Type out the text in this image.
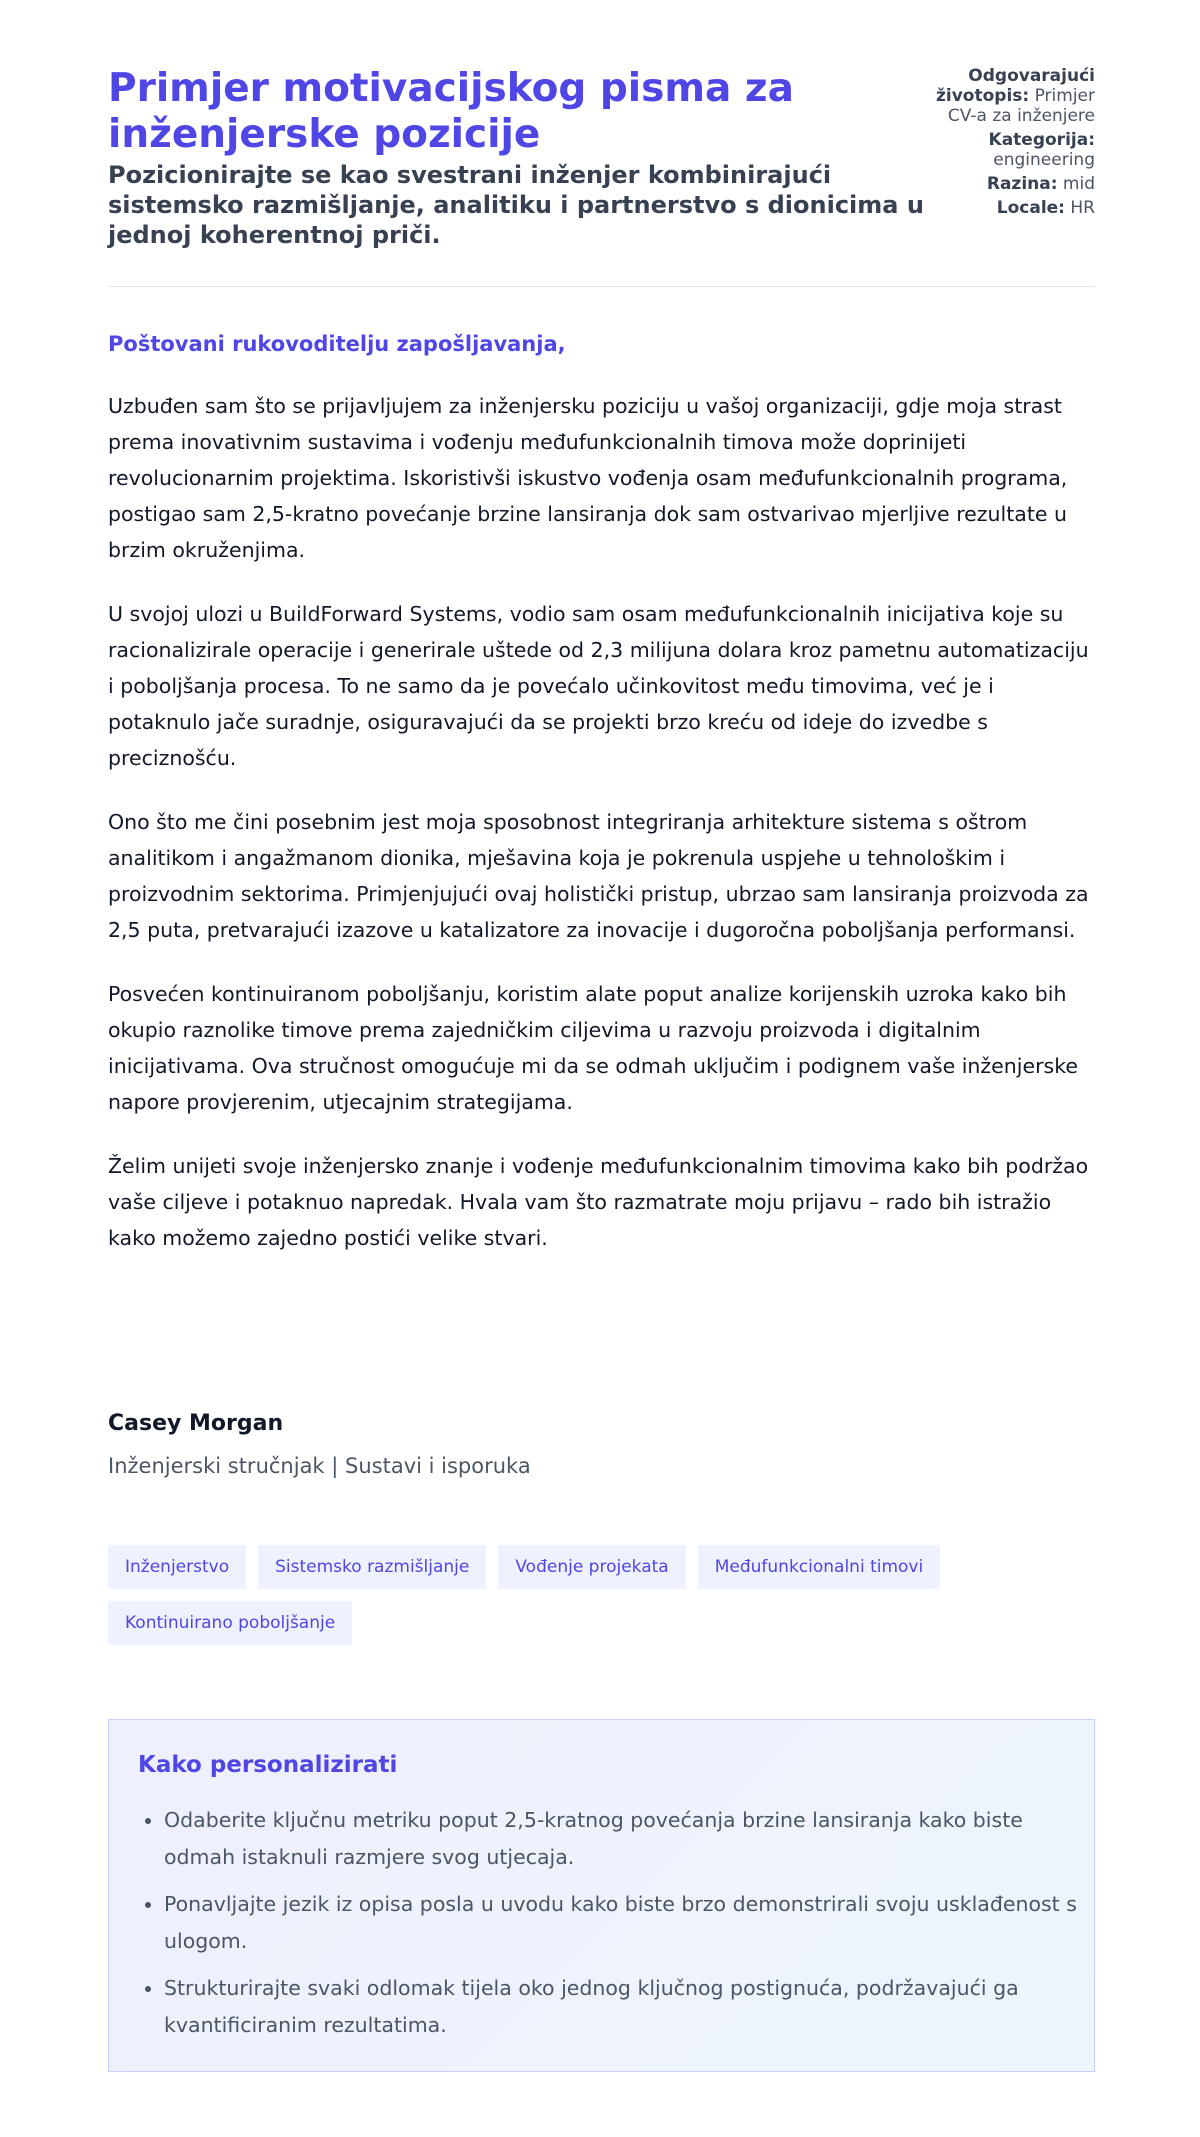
Primjer motivacijskog pisma za inženjerske pozicije
Pozicionirajte se kao svestrani inženjer kombinirajući sistemsko razmišljanje, analitiku i partnerstvo s dionicima u jednoj koherentnoj priči.
Odgovarajući životopis: Primjer CV-a za inženjere
Kategorija: engineering
Razina: mid
Locale: HR
Poštovani rukovoditelju zapošljavanja,

Uzbuđen sam što se prijavljujem za inženjersku poziciju u vašoj organizaciji, gdje moja strast prema inovativnim sustavima i vođenju međufunkcionalnih timova može doprinijeti revolucionarnim projektima. Iskoristivši iskustvo vođenja osam međufunkcionalnih programa, postigao sam 2,5-kratno povećanje brzine lansiranja dok sam ostvarivao mjerljive rezultate u brzim okruženjima.

U svojoj ulozi u BuildForward Systems, vodio sam osam međufunkcionalnih inicijativa koje su racionalizirale operacije i generirale uštede od 2,3 milijuna dolara kroz pametnu automatizaciju i poboljšanja procesa. To ne samo da je povećalo učinkovitost među timovima, već je i potaknulo jače suradnje, osiguravajući da se projekti brzo kreću od ideje do izvedbe s preciznošću.

Ono što me čini posebnim jest moja sposobnost integriranja arhitekture sistema s oštrom analitikom i angažmanom dionika, mješavina koja je pokrenula uspjehe u tehnološkim i proizvodnim sektorima. Primjenjujući ovaj holistički pristup, ubrzao sam lansiranja proizvoda za 2,5 puta, pretvarajući izazove u katalizatore za inovacije i dugoročna poboljšanja performansi.

Posvećen kontinuiranom poboljšanju, koristim alate poput analize korijenskih uzroka kako bih okupio raznolike timove prema zajedničkim ciljevima u razvoju proizvoda i digitalnim inicijativama. Ova stručnost omogućuje mi da se odmah uključim i podignem vaše inženjerske napore provjerenim, utjecajnim strategijama.

Želim unijeti svoje inženjersko znanje i vođenje međufunkcionalnim timovima kako bih podržao vaše ciljeve i potaknuo napredak. Hvala vam što razmatrate moju prijavu – rado bih istražio kako možemo zajedno postići velike stvari.

Casey Morgan

Inženjerski stručnjak | Sustavi i isporuka

Inženjerstvo	Sistemsko razmišljanje	Vođenje projekata	Međufunkcionalni timovi
Kontinuirano poboljšanje
Kako personalizirati
• Odaberite ključnu metriku poput 2,5-kratnog povećanja brzine lansiranja kako biste odmah istaknuli razmjere svog utjecaja.
• Ponavljajte jezik iz opisa posla u uvodu kako biste brzo demonstrirali svoju usklađenost s ulogom.
• Strukturirajte svaki odlomak tijela oko jednog ključnog postignuća, podržavajući ga kvantificiranim rezultatima.
